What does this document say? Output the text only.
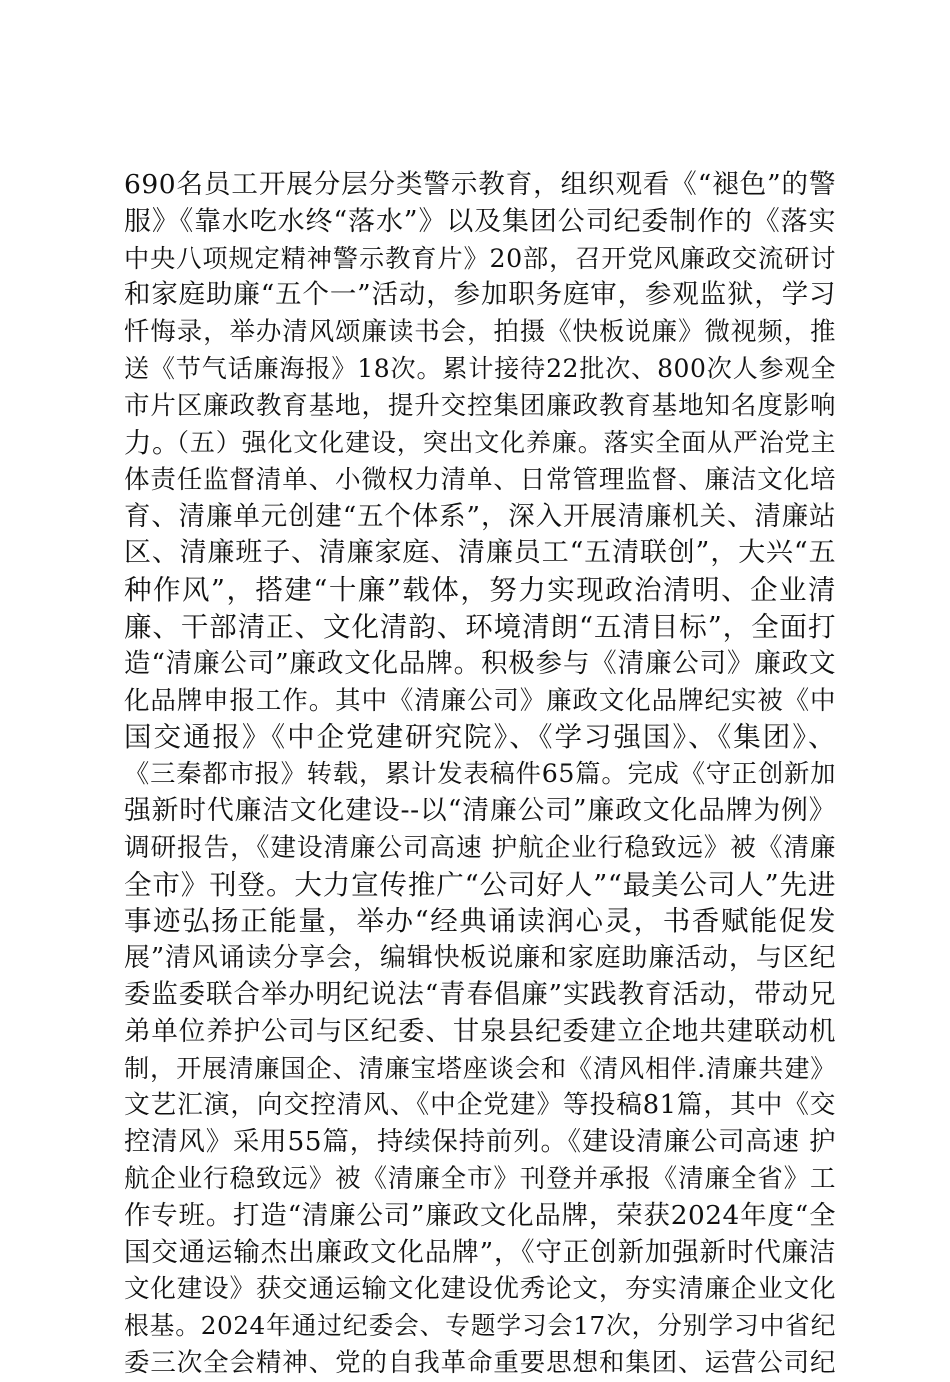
690名员工开展分层分类警示教育，组织观看《“褪色”的警
服》《靠水吃水终“落水”》以及集团公司纪委制作的《落实
中央八项规定精神警示教育片》20部，召开党风廉政交流研讨
和家庭助廉“五个一”活动，参加职务庭审，参观监狱，学习
忏悔录，举办清风颂廉读书会，拍摄《快板说廉》微视频，推
送《节气话廉海报》18次。累计接待22批次、800次人参观全
市片区廉政教育基地，提升交控集团廉政教育基地知名度影响
力。
（五）强化文化建设，突出文化养廉。落实全面从严治党主
体责任监督清单、小微权力清单、日常管理监督、廉洁文化培
育、清廉单元创建“五个体系”，深入开展清廉机关、清廉站
区、清廉班子、清廉家庭、清廉员工“五清联创”，大兴“五
种作风”，搭建“十廉”载体，努力实现政治清明、企业清
廉、干部清正、文化清韵、环境清朗“五清目标”，全面打
造“清廉公司”廉政文化品牌。积极参与《清廉公司》廉政文
化品牌申报工作。其中《清廉公司》廉政文化品牌纪实被《中
国交通报》《中企党建研究院》、《学习强国》、《集团》、
《三秦都市报》转载，累计发表稿件65篇。完成《守正创新加
强新时代廉洁文化建设--以“清廉公司”廉政文化品牌为例》
调研报告，《建设清廉公司高速 护航企业行稳致远》被《清廉
全市》刊登。大力宣传推广“公司好人”“最美公司人”先进
事迹弘扬正能量，举办“经典诵读润心灵，书香赋能促发
展”清风诵读分享会，编辑快板说廉和家庭助廉活动，与区纪
委监委联合举办明纪说法“青春倡廉”实践教育活动，带动兄
弟单位养护公司与区纪委、甘泉县纪委建立企地共建联动机
制，开展清廉国企、清廉宝塔座谈会和《清风相伴.清廉共建》
文艺汇演，向交控清风、《中企党建》等投稿81篇，其中《交
控清风》采用55篇，持续保持前列。《建设清廉公司高速 护
航企业行稳致远》被《清廉全市》刊登并承报《清廉全省》工
作专班。打造“清廉公司”廉政文化品牌，荣获2024年度“全
国交通运输杰出廉政文化品牌”，《守正创新加强新时代廉洁
文化建设》获交通运输文化建设优秀论文，夯实清廉企业文化
根基。2024年通过纪委会、专题学习会17次，分别学习中省纪
委三次全会精神、党的自我革命重要思想和集团、运营公司纪
